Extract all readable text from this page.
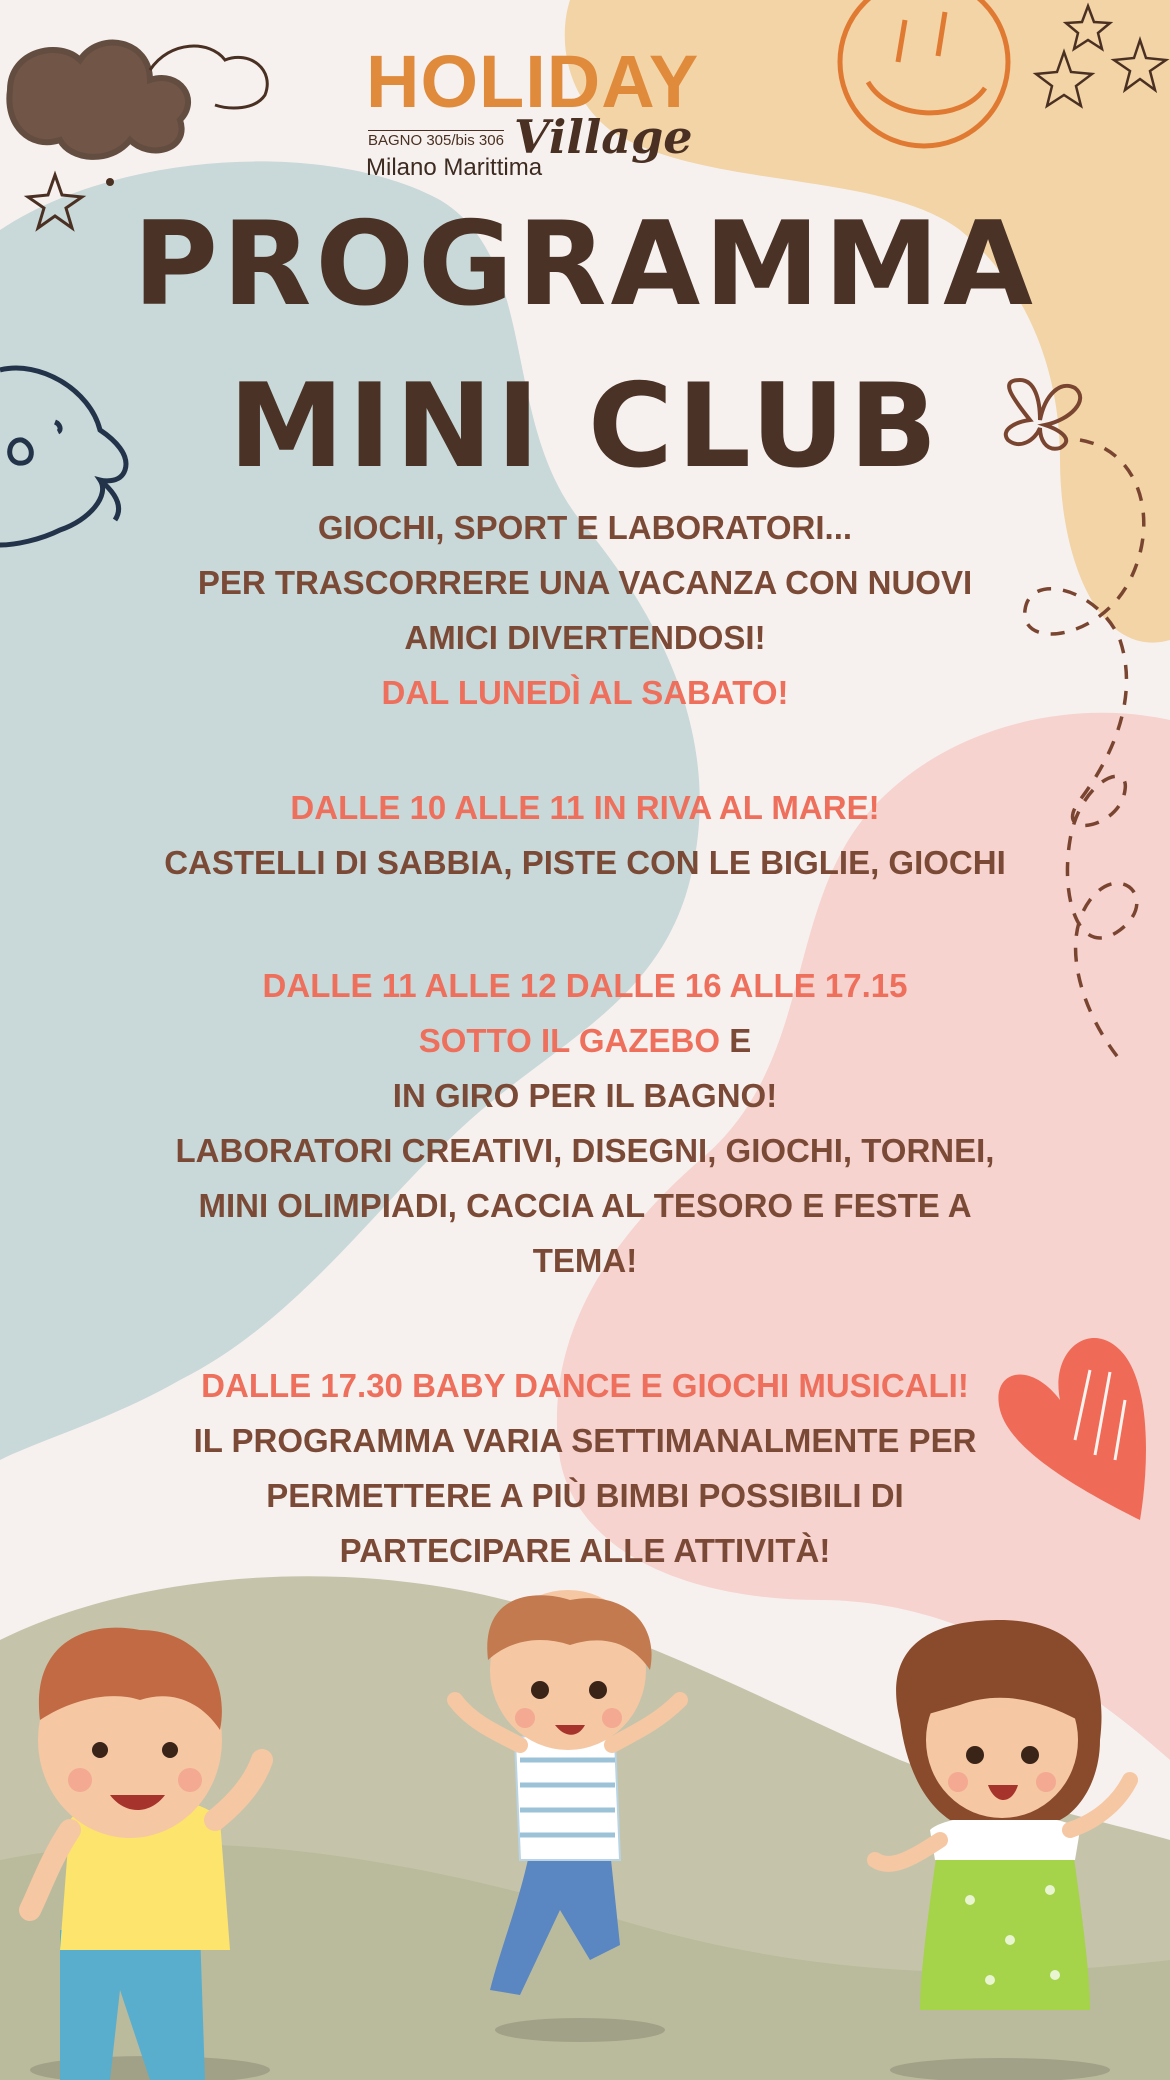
HOLIDAY
BAGNO 305/bis 306 Village
Milano Marittima
PROGRAMMA
MINI CLUB

GIOCHI, SPORT E LABORATORI...

PER TRASCORRERE UNA VACANZA CON NUOVI

AMICI DIVERTENDOSI!

DAL LUNEDÌ AL SABATO!

DALLE 10 ALLE 11 IN RIVA AL MARE!

CASTELLI DI SABBIA, PISTE CON LE BIGLIE, GIOCHI

DALLE 11 ALLE 12 DALLE 16 ALLE 17.15

SOTTO IL GAZEBO E

IN GIRO PER IL BAGNO!

LABORATORI CREATIVI, DISEGNI, GIOCHI, TORNEI,

MINI OLIMPIADI, CACCIA AL TESORO E FESTE A

TEMA!

DALLE 17.30 BABY DANCE E GIOCHI MUSICALI!

IL PROGRAMMA VARIA SETTIMANALMENTE PER

PERMETTERE A PIÙ BIMBI POSSIBILI DI

PARTECIPARE ALLE ATTIVITÀ!
